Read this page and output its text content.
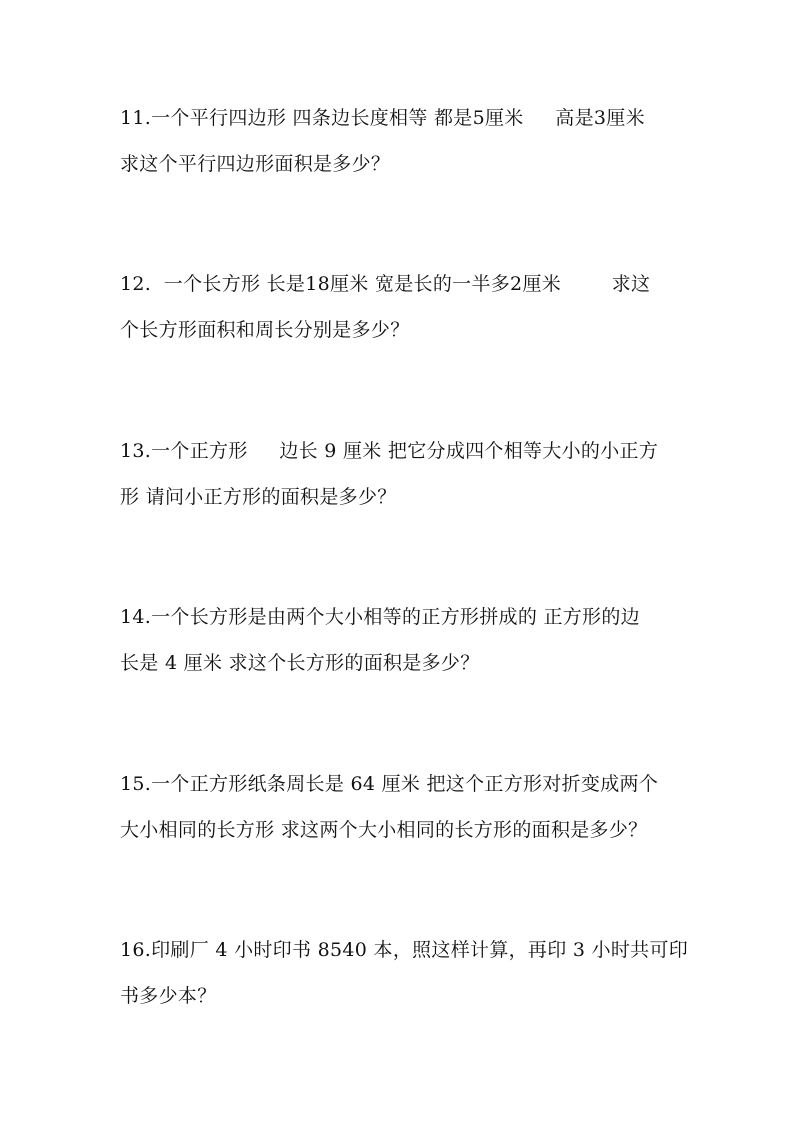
11.一个平行四边形 四条边长度相等 都是5厘米     高是3厘米
求这个平行四边形面积是多少？
12.  一个长方形 长是18厘米 宽是长的一半多2厘米        求这
个长方形面积和周长分别是多少？
13.一个正方形     边长 9 厘米 把它分成四个相等大小的小正方
形 请问小正方形的面积是多少？
14.一个长方形是由两个大小相等的正方形拼成的 正方形的边
长是 4 厘米 求这个长方形的面积是多少？
15.一个正方形纸条周长是 64 厘米 把这个正方形对折变成两个
大小相同的长方形 求这两个大小相同的长方形的面积是多少？
16.印刷厂 4 小时印书 8540 本，照这样计算，再印 3 小时共可印
书多少本？
